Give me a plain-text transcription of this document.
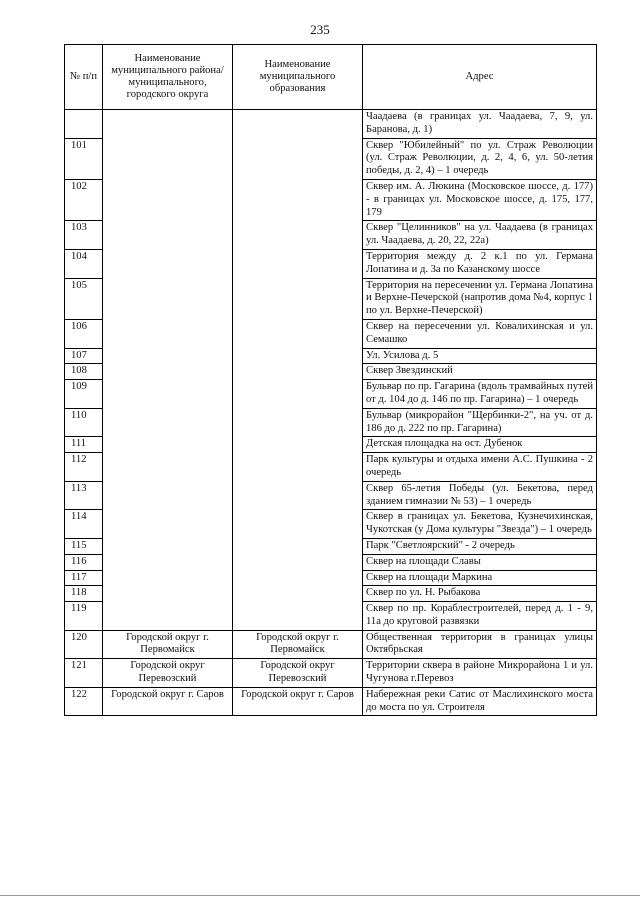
235
№ п/п	Наименование муниципального района/ муниципального, городского округа	Наименование муниципального образования	Адрес
			Чаадаева (в границах ул. Чаадаева, 7, 9, ул. Баранова, д. 1)
101			Сквер "Юбилейный" по ул. Страж Революции (ул. Страж Революции, д. 2, 4, 6, ул. 50-летия победы, д. 2, 4) – 1 очередь
102			Сквер им. А. Люкина (Московское шоссе, д. 177) - в границах ул. Московское шоссе, д. 175, 177, 179
103			Сквер "Целинников" на ул. Чаадаева (в границах ул. Чаадаева, д. 20, 22, 22а)
104			Территория между д. 2 к.1 по ул. Германа Лопатина и д. 3а по Казанскому шоссе
105			Территория на пересечении ул. Германа Лопатина и Верхне-Печерской (напротив дома №4, корпус 1 по ул. Верхне-Печерской)
106			Сквер на пересечении ул. Ковалихинская и ул. Семашко
107			Ул. Усилова д. 5
108			Сквер Звездинский
109			Бульвар по пр. Гагарина (вдоль трамвайных путей от д. 104 до д. 146 по пр. Гагарина) – 1 очередь
110			Бульвар (микрорайон "Щербинки-2", на уч. от д. 186 до д. 222 по пр. Гагарина)
111			Детская площадка на ост. Дубенок
112			Парк культуры и отдыха имени А.С. Пушкина - 2 очередь
113			Сквер 65-летия Победы (ул. Бекетова, перед зданием гимназии № 53) – 1 очередь
114			Сквер в границах ул. Бекетова, Кузнечихинская, Чукотская (у Дома культуры "Звезда") – 1 очередь
115			Парк "Светлоярский" - 2 очередь
116			Сквер на площади Славы
117			Сквер на площади Маркина
118			Сквер по ул. Н. Рыбакова
119			Сквер по пр. Кораблестроителей, перед д. 1 - 9, 11а до круговой развязки
120	Городской округ г. Первомайск	Городской округ г. Первомайск	Общественная территория в границах улицы Октябрьская
121	Городской округ Перевозский	Городской округ Перевозский	Территории сквера в районе Микрорайона 1 и ул. Чугунова г.Перевоз
122	Городской округ г. Саров	Городской округ г. Саров	Набережная реки Сатис от Маслихинского моста до моста по ул. Строителя
